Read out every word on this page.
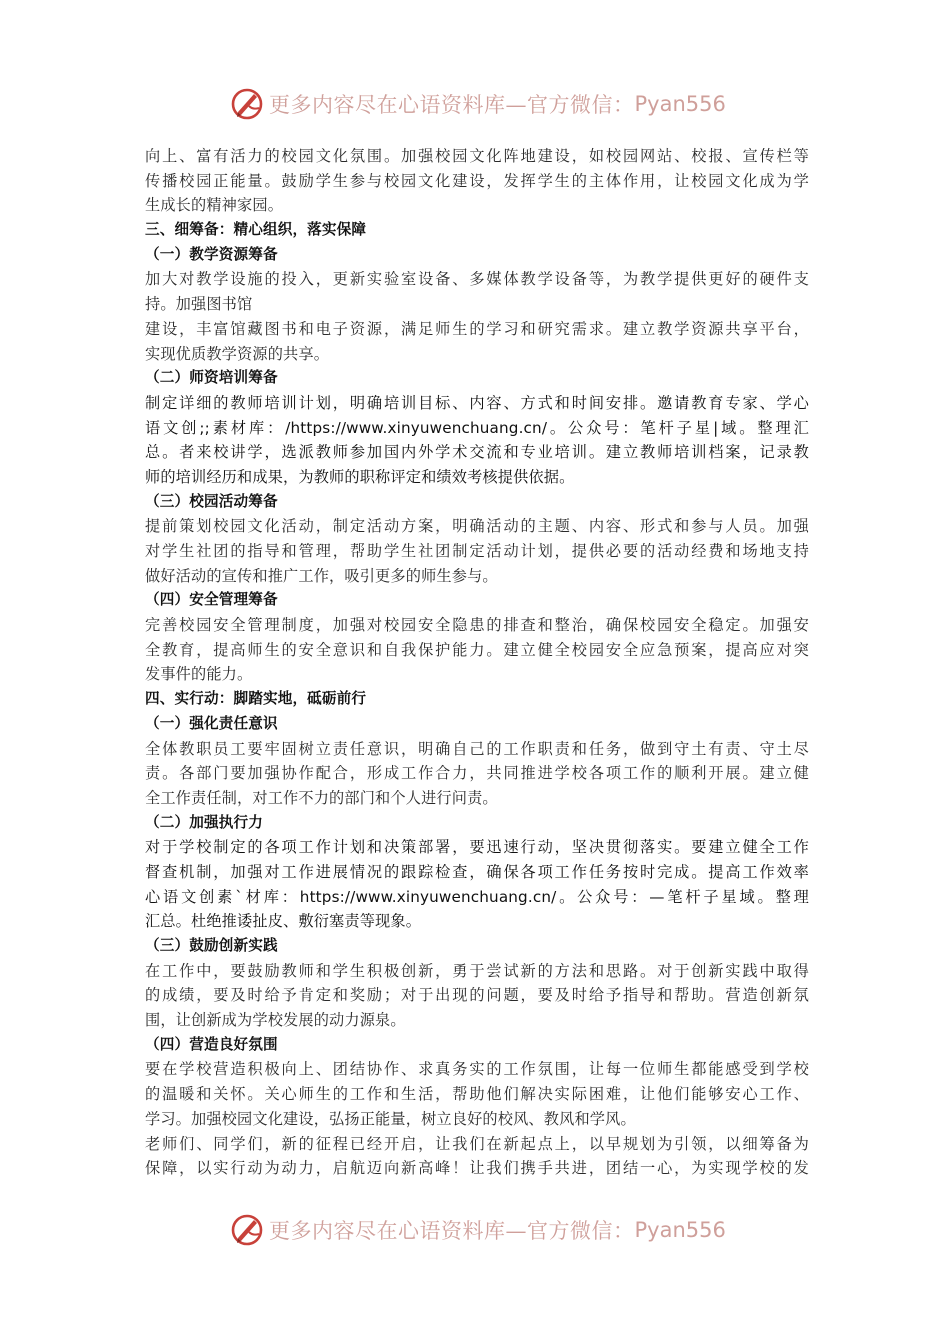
更多内容尽在心语资料库—官方微信： Pyan556
向上、富有活力的校园文化氛围。加强校园文化阵地建设，如校园网站、校报、宣传栏等
传播校园正能量。鼓励学生参与校园文化建设，发挥学生的主体作用，让校园文化成为学
生成长的精神家园。
三、细筹备：精心组织，落实保障
（一）教学资源筹备
加大对教学设施的投入，更新实验室设备、多媒体教学设备等，为教学提供更好的硬件支
持。加强图书馆
建设，丰富馆藏图书和电子资源，满足师生的学习和研究需求。建立教学资源共享平台，
实现优质教学资源的共享。
（二）师资培训筹备
制定详细的教师培训计划，明确培训目标、内容、方式和时间安排。邀请教育专家、学心
语文创;;素材库：/https://www.xinyuwenchuang.cn/。公众号：笔杆子星|域。整理汇
总。者来校讲学，选派教师参加国内外学术交流和专业培训。建立教师培训档案，记录教
师的培训经历和成果，为教师的职称评定和绩效考核提供依据。
（三）校园活动筹备
提前策划校园文化活动，制定活动方案，明确活动的主题、内容、形式和参与人员。加强
对学生社团的指导和管理，帮助学生社团制定活动计划，提供必要的活动经费和场地支持
做好活动的宣传和推广工作，吸引更多的师生参与。
（四）安全管理筹备
完善校园安全管理制度，加强对校园安全隐患的排查和整治，确保校园安全稳定。加强安
全教育，提高师生的安全意识和自我保护能力。建立健全校园安全应急预案，提高应对突
发事件的能力。
四、实行动：脚踏实地，砥砺前行
（一）强化责任意识
全体教职员工要牢固树立责任意识，明确自己的工作职责和任务，做到守土有责、守土尽
责。各部门要加强协作配合，形成工作合力，共同推进学校各项工作的顺利开展。建立健
全工作责任制，对工作不力的部门和个人进行问责。
（二）加强执行力
对于学校制定的各项工作计划和决策部署，要迅速行动，坚决贯彻落实。要建立健全工作
督查机制，加强对工作进展情况的跟踪检查，确保各项工作任务按时完成。提高工作效率
心语文创素`材库：https://www.xinyuwenchuang.cn/。公众号：—笔杆子星域。整理
汇总。杜绝推诿扯皮、敷衍塞责等现象。
（三）鼓励创新实践
在工作中，要鼓励教师和学生积极创新，勇于尝试新的方法和思路。对于创新实践中取得
的成绩，要及时给予肯定和奖励；对于出现的问题，要及时给予指导和帮助。营造创新氛
围，让创新成为学校发展的动力源泉。
（四）营造良好氛围
要在学校营造积极向上、团结协作、求真务实的工作氛围，让每一位师生都能感受到学校
的温暖和关怀。关心师生的工作和生活，帮助他们解决实际困难，让他们能够安心工作、
学习。加强校园文化建设，弘扬正能量，树立良好的校风、教风和学风。
老师们、同学们，新的征程已经开启，让我们在新起点上，以早规划为引领，以细筹备为
保障，以实行动为动力，启航迈向新高峰！让我们携手共进，团结一心，为实现学校的发
更多内容尽在心语资料库—官方微信： Pyan556
